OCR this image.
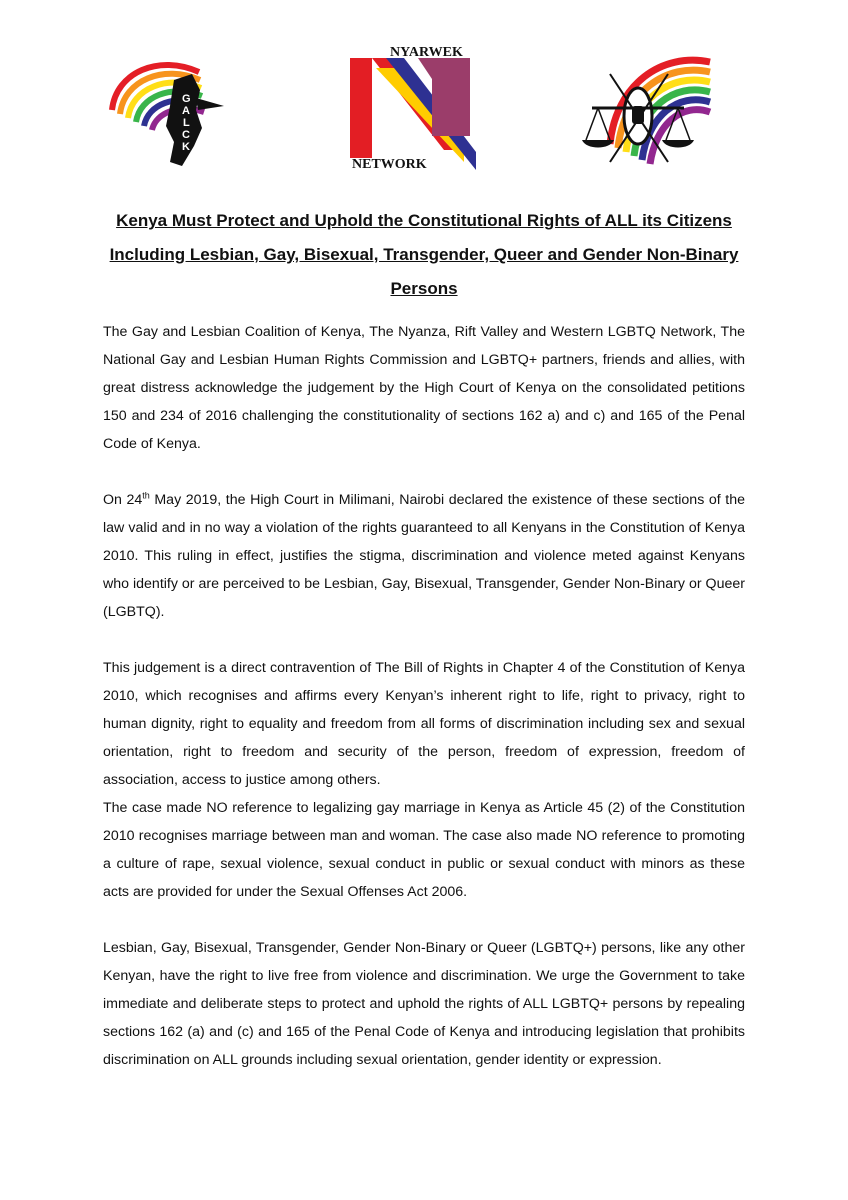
G
A
L
C
K
NYARWEK
NETWORK
Kenya Must Protect and Uphold the Constitutional Rights of ALL its Citizens
Including Lesbian, Gay, Bisexual, Transgender, Queer and Gender Non-Binary
Persons

The Gay and Lesbian Coalition of Kenya, The Nyanza, Rift Valley and Western LGBTQ Network, The National Gay and Lesbian Human Rights Commission and LGBTQ+ partners, friends and allies, with great distress acknowledge the judgement by the High Court of Kenya on the consolidated petitions 150 and 234 of 2016 challenging the constitutionality of sections 162 a) and c) and 165 of the Penal Code of Kenya.

On 24th May 2019, the High Court in Milimani, Nairobi declared the existence of these sections of the law valid and in no way a violation of the rights guaranteed to all Kenyans in the Constitution of Kenya 2010. This ruling in effect, justifies the stigma, discrimination and violence meted against Kenyans who identify or are perceived to be Lesbian, Gay, Bisexual, Transgender, Gender Non-Binary or Queer (LGBTQ).

This judgement is a direct contravention of The Bill of Rights in Chapter 4 of the Constitution of Kenya 2010, which recognises and affirms every Kenyan’s inherent right to life, right to privacy, right to human dignity, right to equality and freedom from all forms of discrimination including sex and sexual orientation, right to freedom and security of the person, freedom of expression, freedom of association, access to justice among others.

The case made NO reference to legalizing gay marriage in Kenya as Article 45 (2) of the Constitution 2010 recognises marriage between man and woman. The case also made NO reference to promoting a culture of rape, sexual violence, sexual conduct in public or sexual conduct with minors as these acts are provided for under the Sexual Offenses Act 2006.

Lesbian, Gay, Bisexual, Transgender, Gender Non-Binary or Queer (LGBTQ+) persons, like any other Kenyan, have the right to live free from violence and discrimination. We urge the Government to take immediate and deliberate steps to protect and uphold the rights of ALL LGBTQ+ persons by repealing sections 162 (a) and (c) and 165 of the Penal Code of Kenya and introducing legislation that prohibits discrimination on ALL grounds including sexual orientation, gender identity or expression.
